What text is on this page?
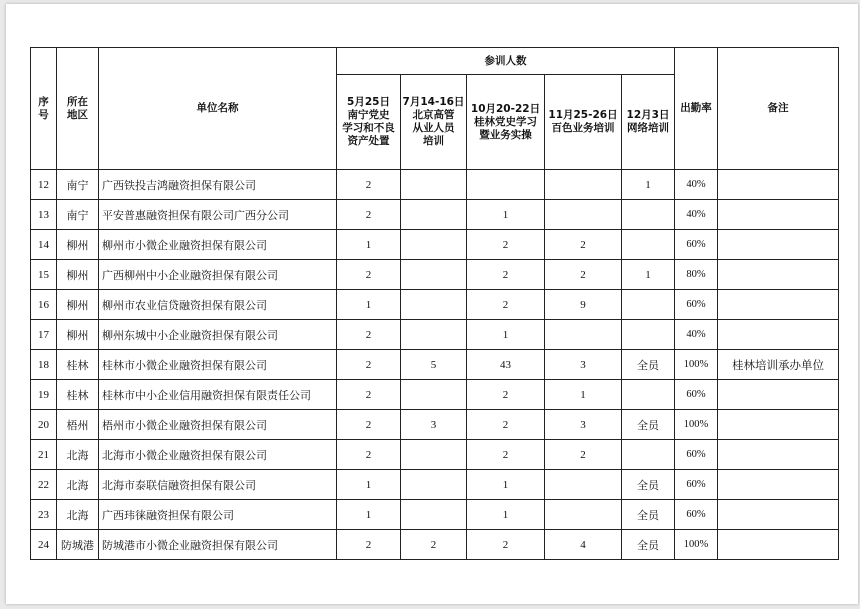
序号	所在地区	单位名称	参训人数					出勤率	备注

			5月25日
南宁党史
学习和不良
资产处置	7月14-16日
北京高管
从业人员
培训	10月20-22日
桂林党史学习
暨业务实操	11月25-26日
百色业务培训	12月3日
网络培训		

12	南宁	广西铁投吉鸿融资担保有限公司	2				1	40%	
13	南宁	平安普惠融资担保有限公司广西分公司	2		1			40%	
14	柳州	柳州市小微企业融资担保有限公司	1		2	2		60%	
15	柳州	广西柳州中小企业融资担保有限公司	2		2	2	1	80%	
16	柳州	柳州市农业信贷融资担保有限公司	1		2	9		60%	
17	柳州	柳州东城中小企业融资担保有限公司	2		1			40%	
18	桂林	桂林市小微企业融资担保有限公司	2	5	43	3	全员	100%	桂林培训承办单位
19	桂林	桂林市中小企业信用融资担保有限责任公司	2		2	1		60%	
20	梧州	梧州市小微企业融资担保有限公司	2	3	2	3	全员	100%	
21	北海	北海市小微企业融资担保有限公司	2		2	2		60%	
22	北海	北海市泰联信融资担保有限公司	1		1		全员	60%	
23	北海	广西玮徕融资担保有限公司	1		1		全员	60%	
24	防城港	防城港市小微企业融资担保有限公司	2	2	2	4	全员	100%	
